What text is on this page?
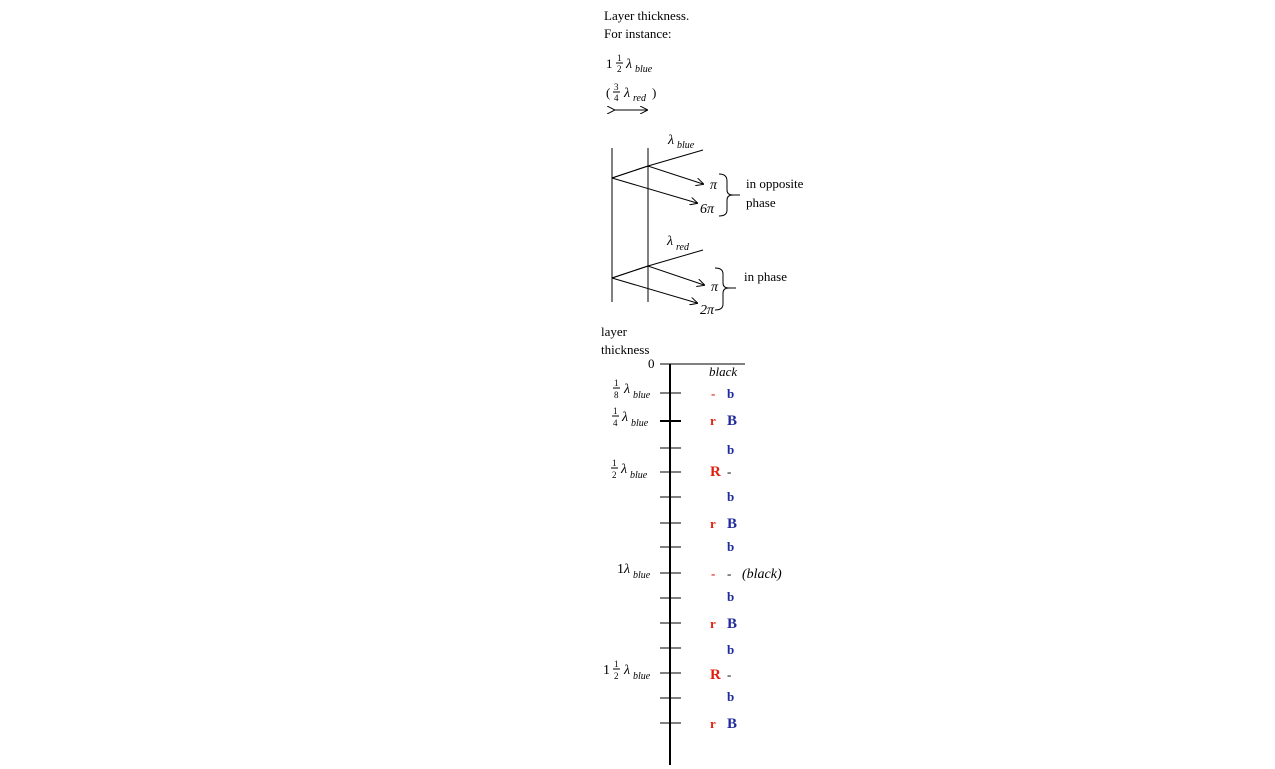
Layer thickness.
For instance:
1 1
2 λ blue
( 3
4 λ red )
λ blue
π
6π
in opposite
phase
λ red
π
2π
in phase
layer
thickness
0
black
1
8 λ blue
1
4 λ blue
1
2 λ blue
1 λ blue
1 1
2 λ blue
- b
r B
b
R -
b
r B
b
- - (black)
b
r B
b
R -
b
r B
